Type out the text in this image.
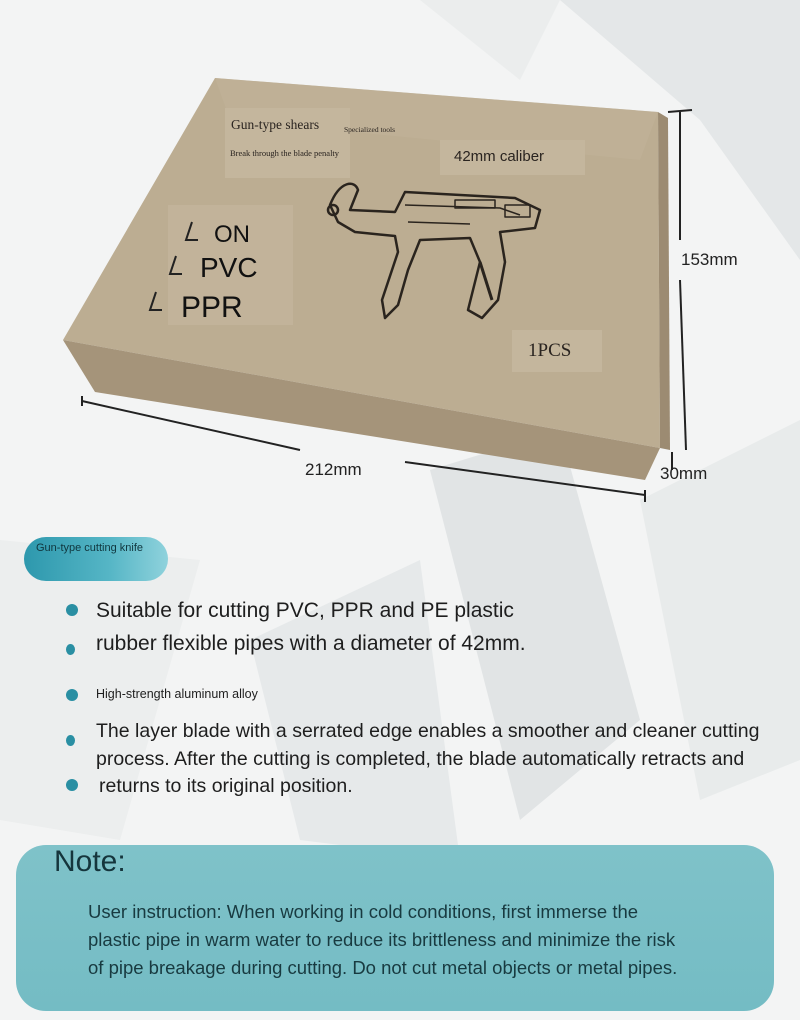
Gun-type shears	Specialized tools
Break through the blade penalty	42mm caliber
ON
PVC
PPR
1PCS
153mm
212mm	30mm
Gun-type cutting knife
Suitable for cutting PVC, PPR and PE plastic
rubber flexible pipes with a diameter of 42mm.
High-strength aluminum alloy
The layer blade with a serrated edge enables a smoother and cleaner cutting
process. After the cutting is completed, the blade automatically retracts and
returns to its original position.
Note:
User instruction: When working in cold conditions, first immerse the
plastic pipe in warm water to reduce its brittleness and minimize the risk
of pipe breakage during cutting. Do not cut metal objects or metal pipes.
